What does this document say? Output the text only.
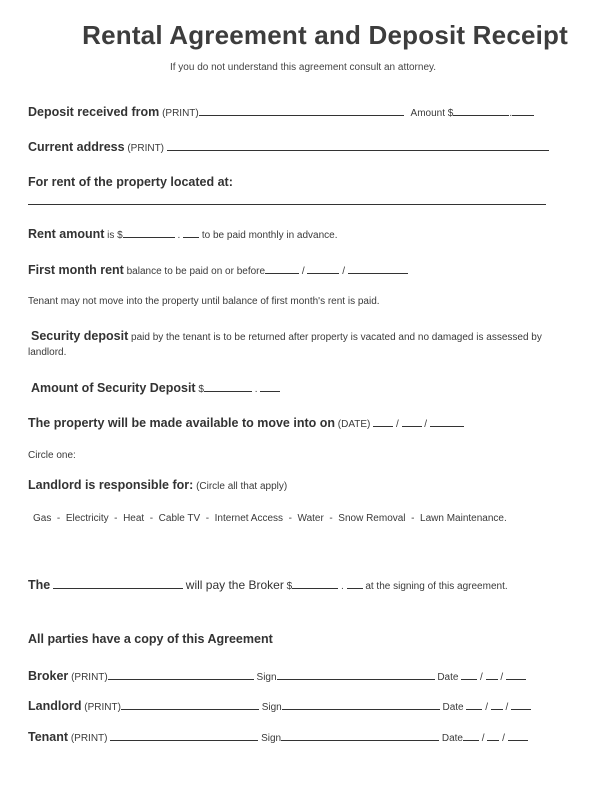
Rental Agreement and Deposit Receipt
If you do not understand this agreement consult an attorney.
Deposit received from (PRINT)	Amount $	.
Current address (PRINT)
For rent of the property located at:
Rent amount is $	. to be paid monthly in advance.
First month rent balance to be paid on or before	/	/
Tenant may not move into the property until balance of first month's rent is paid.
Security deposit paid by the tenant is to be returned after property is vacated and no damaged is assessed by
landlord.
Amount of Security Deposit $	.
The property will be made available to move into on (DATE)	/	/
Circle one:
Landlord is responsible for: (Circle all that apply)
Gas - Electricity - Heat - Cable TV - Internet Access - Water - Snow Removal - Lawn Maintenance.
The	will pay the Broker $	. at the signing of this agreement.
All parties have a copy of this Agreement
Broker (PRINT)	Sign	Date / /
Landlord (PRINT)	Sign	Date / /
Tenant (PRINT)	Sign	Date / /
